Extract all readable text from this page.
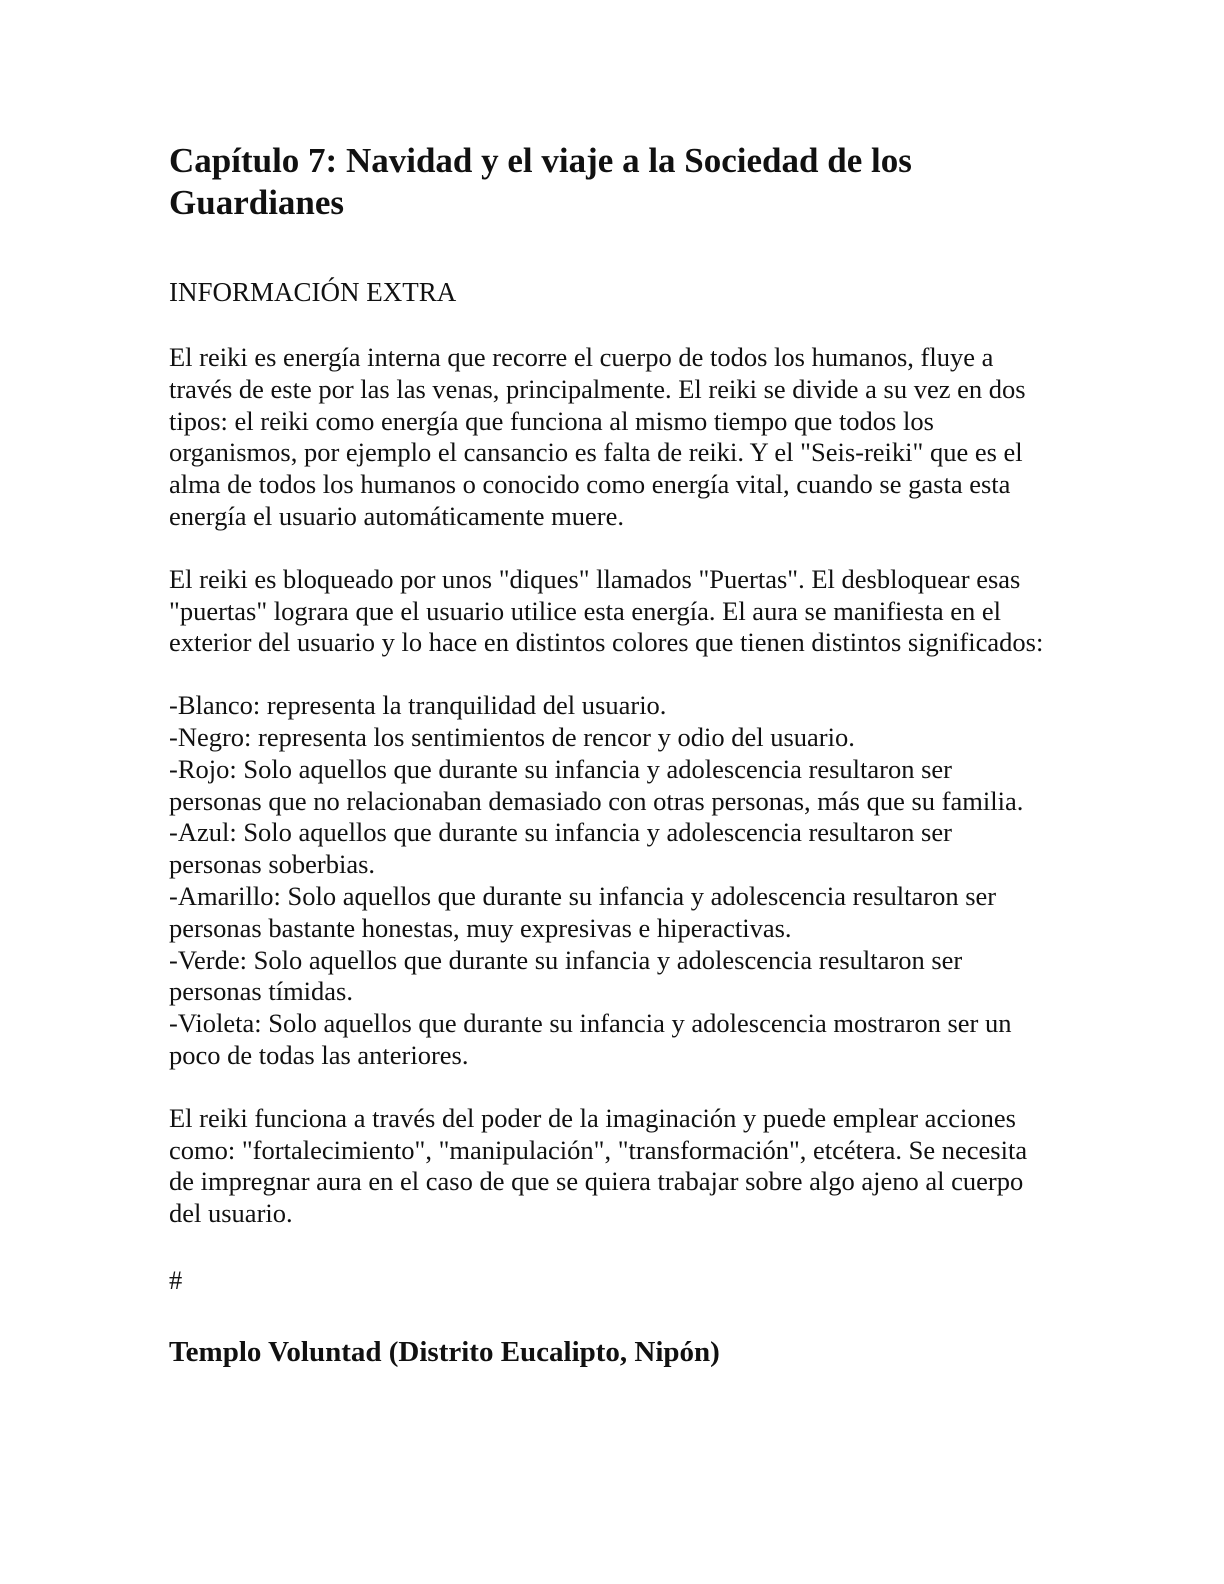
Capítulo 7: Navidad y el viaje a la Sociedad de los Guardianes
INFORMACIÓN EXTRA

El reiki es energía interna que recorre el cuerpo de todos los humanos, fluye a través de este por las las venas, principalmente. El reiki se divide a su vez en dos tipos: el reiki como energía que funciona al mismo tiempo que todos los organismos, por ejemplo el cansancio es falta de reiki. Y el "Seis-reiki" que es el alma de todos los humanos o conocido como energía vital, cuando se gasta esta energía el usuario automáticamente muere.

El reiki es bloqueado por unos "diques" llamados "Puertas". El desbloquear esas "puertas" lograra que el usuario utilice esta energía. El aura se manifiesta en el exterior del usuario y lo hace en distintos colores que tienen distintos significados:

-Blanco: representa la tranquilidad del usuario.

-Negro: representa los sentimientos de rencor y odio del usuario.

-Rojo: Solo aquellos que durante su infancia y adolescencia resultaron ser personas que no relacionaban demasiado con otras personas, más que su familia.

-Azul: Solo aquellos que durante su infancia y adolescencia resultaron ser personas soberbias.

-Amarillo: Solo aquellos que durante su infancia y adolescencia resultaron ser personas bastante honestas, muy expresivas e hiperactivas.

-Verde: Solo aquellos que durante su infancia y adolescencia resultaron ser personas tímidas.

-Violeta: Solo aquellos que durante su infancia y adolescencia mostraron ser un poco de todas las anteriores.

El reiki funciona a través del poder de la imaginación y puede emplear acciones como: "fortalecimiento", "manipulación", "transformación", etcétera. Se necesita de impregnar aura en el caso de que se quiera trabajar sobre algo ajeno al cuerpo del usuario.

#
Templo Voluntad (Distrito Eucalipto, Nipón)
